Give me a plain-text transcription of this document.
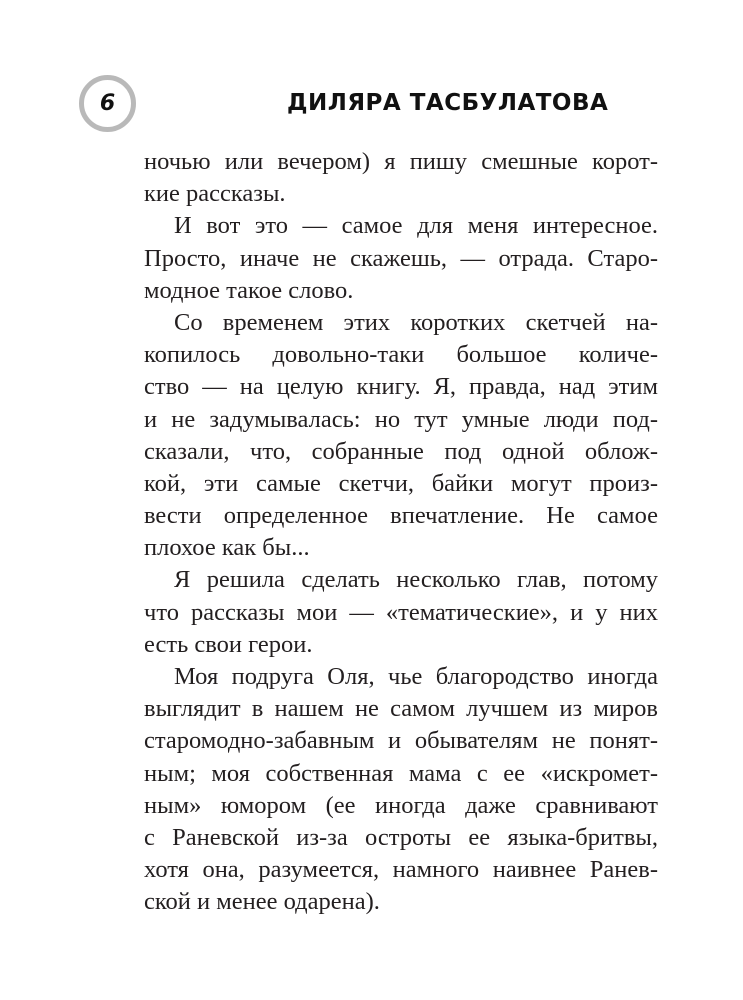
6	ДИЛЯРА ТАСБУЛАТОВА
ночью или вечером) я пишу смешные корот-
кие рассказы.
И вот это — самое для меня интересное.
Просто, иначе не скажешь, — отрада. Старо-
модное такое слово.
Со временем этих коротких скетчей на-
копилось довольно-таки большое количе-
ство — на целую книгу. Я, правда, над этим
и не задумывалась: но тут умные люди под-
сказали, что, собранные под одной облож-
кой, эти самые скетчи, байки могут произ-
вести определенное впечатление. Не самое
плохое как бы...
Я решила сделать несколько глав, потому
что рассказы мои — «тематические», и у них
есть свои герои.
Моя подруга Оля, чье благородство иногда
выглядит в нашем не самом лучшем из миров
старомодно-забавным и обывателям не понят-
ным; моя собственная мама с ее «искромет-
ным» юмором (ее иногда даже сравнивают
с Раневской из-за остроты ее языка-бритвы,
хотя она, разумеется, намного наивнее Ранев-
ской и менее одарена).
